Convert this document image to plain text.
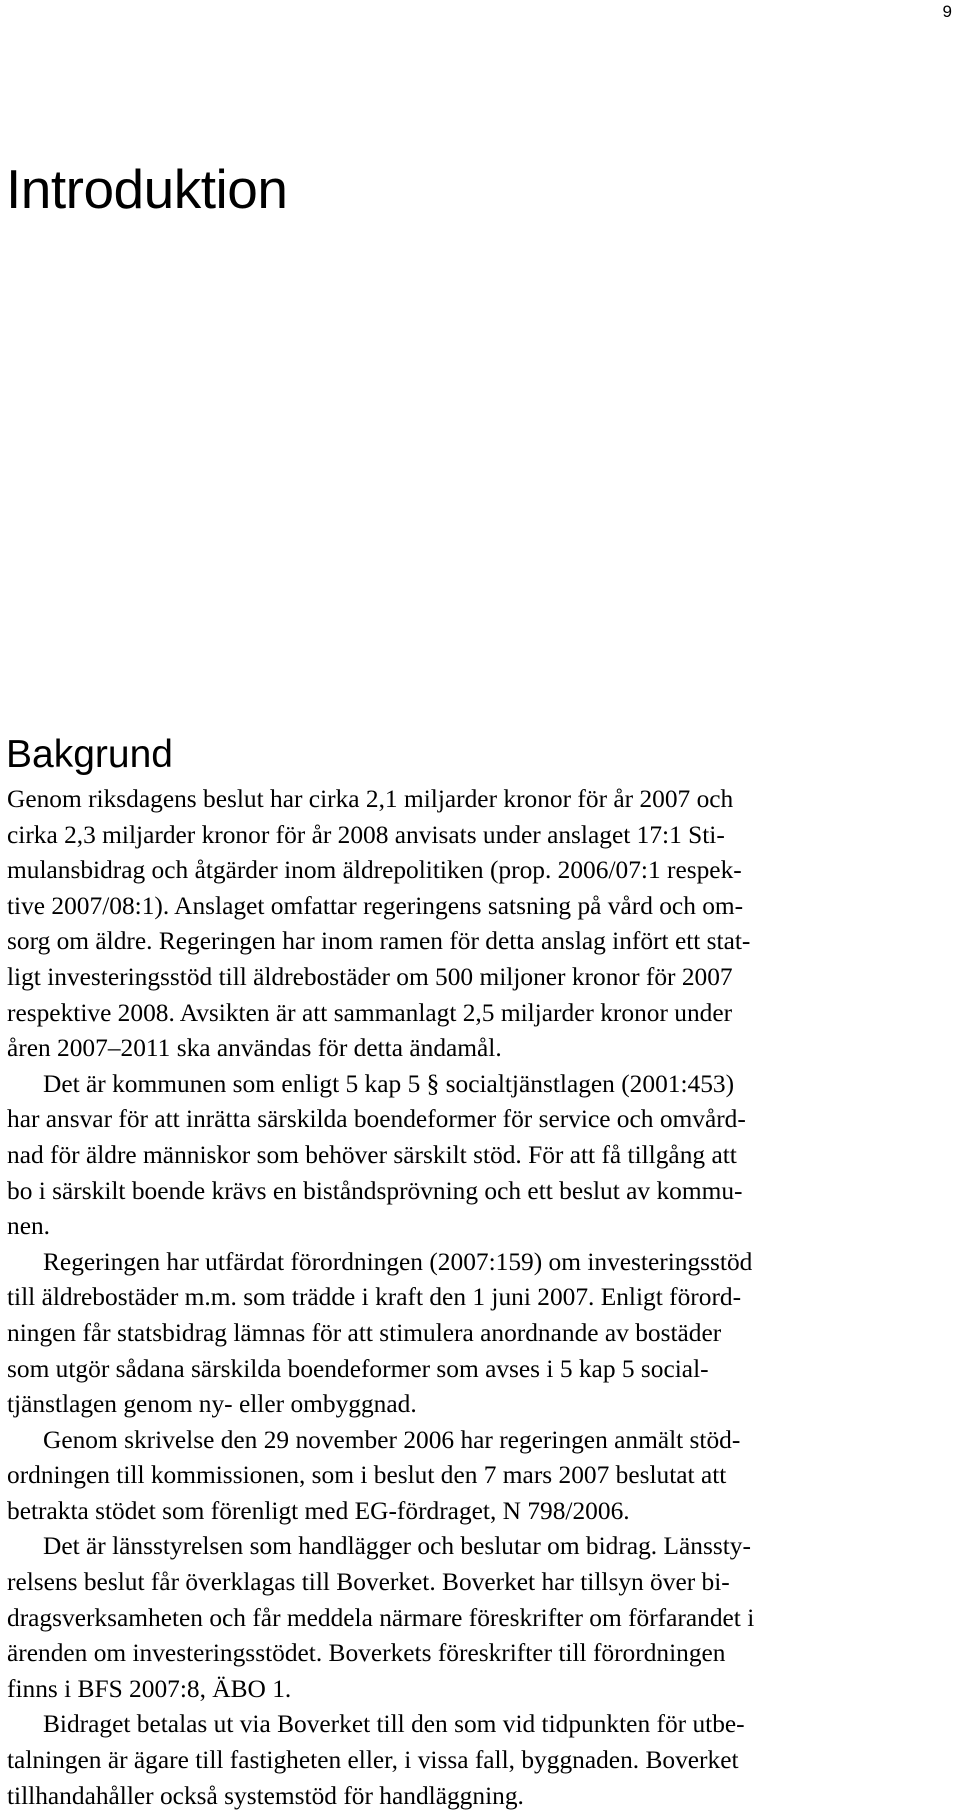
9
Introduktion
Bakgrund
Genom riksdagens beslut har cirka 2,1 miljarder kronor för år 2007 och
cirka 2,3 miljarder kronor för år 2008 anvisats under anslaget 17:1 Sti-
mulansbidrag och åtgärder inom äldrepolitiken (prop. 2006/07:1 respek-
tive 2007/08:1). Anslaget omfattar regeringens satsning på vård och om-
sorg om äldre. Regeringen har inom ramen för detta anslag infört ett stat-
ligt investeringsstöd till äldrebostäder om 500 miljoner kronor för 2007
respektive 2008. Avsikten är att sammanlagt 2,5 miljarder kronor under
åren 2007–2011 ska användas för detta ändamål.
Det är kommunen som enligt 5 kap 5 § socialtjänstlagen (2001:453)
har ansvar för att inrätta särskilda boendeformer för service och omvård-
nad för äldre människor som behöver särskilt stöd. För att få tillgång att
bo i särskilt boende krävs en biståndsprövning och ett beslut av kommu-
nen.
Regeringen har utfärdat förordningen (2007:159) om investeringsstöd
till äldrebostäder m.m. som trädde i kraft den 1 juni 2007. Enligt förord-
ningen får statsbidrag lämnas för att stimulera anordnande av bostäder
som utgör sådana särskilda boendeformer som avses i 5 kap 5 social-
tjänstlagen genom ny- eller ombyggnad.
Genom skrivelse den 29 november 2006 har regeringen anmält stöd-
ordningen till kommissionen, som i beslut den 7 mars 2007 beslutat att
betrakta stödet som förenligt med EG-fördraget, N 798/2006.
Det är länsstyrelsen som handlägger och beslutar om bidrag. Länssty-
relsens beslut får överklagas till Boverket. Boverket har tillsyn över bi-
dragsverksamheten och får meddela närmare föreskrifter om förfarandet i
ärenden om investeringsstödet. Boverkets föreskrifter till förordningen
finns i BFS 2007:8, ÄBO 1.
Bidraget betalas ut via Boverket till den som vid tidpunkten för utbe-
talningen är ägare till fastigheten eller, i vissa fall, byggnaden. Boverket
tillhandahåller också systemstöd för handläggning.
